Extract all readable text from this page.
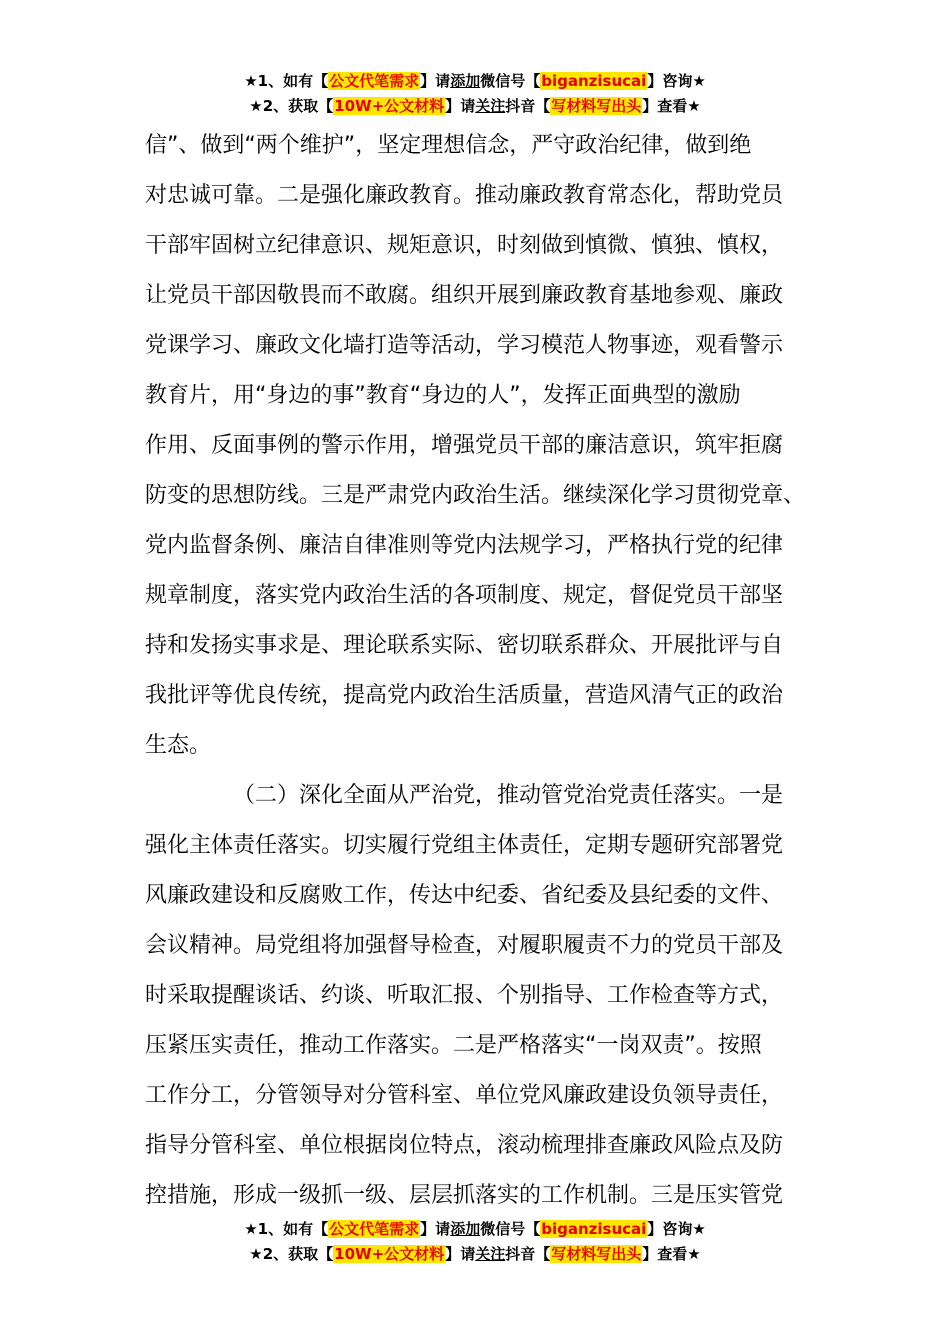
★1、如有【公文代笔需求】请添加微信号【biganzisucai】咨询★
★2、获取【10W+公文材料】请关注抖音【写材料写出头】查看★
信”、做到“两个维护”，坚定理想信念，严守政治纪律，做到绝
对忠诚可靠。二是强化廉政教育。推动廉政教育常态化，帮助党员
干部牢固树立纪律意识、规矩意识，时刻做到慎微、慎独、慎权，
让党员干部因敬畏而不敢腐。组织开展到廉政教育基地参观、廉政
党课学习、廉政文化墙打造等活动，学习模范人物事迹，观看警示
教育片，用“身边的事”教育“身边的人”，发挥正面典型的激励
作用、反面事例的警示作用，增强党员干部的廉洁意识，筑牢拒腐
防变的思想防线。三是严肃党内政治生活。继续深化学习贯彻党章、
党内监督条例、廉洁自律准则等党内法规学习，严格执行党的纪律
规章制度，落实党内政治生活的各项制度、规定，督促党员干部坚
持和发扬实事求是、理论联系实际、密切联系群众、开展批评与自
我批评等优良传统，提高党内政治生活质量，营造风清气正的政治
生态。
（二）深化全面从严治党，推动管党治党责任落实。一是
强化主体责任落实。切实履行党组主体责任，定期专题研究部署党
风廉政建设和反腐败工作，传达中纪委、省纪委及县纪委的文件、
会议精神。局党组将加强督导检查，对履职履责不力的党员干部及
时采取提醒谈话、约谈、听取汇报、个别指导、工作检查等方式，
压紧压实责任，推动工作落实。二是严格落实“一岗双责”。按照
工作分工，分管领导对分管科室、单位党风廉政建设负领导责任，
指导分管科室、单位根据岗位特点，滚动梳理排查廉政风险点及防
控措施，形成一级抓一级、层层抓落实的工作机制。三是压实管党
★1、如有【公文代笔需求】请添加微信号【biganzisucai】咨询★
★2、获取【10W+公文材料】请关注抖音【写材料写出头】查看★
